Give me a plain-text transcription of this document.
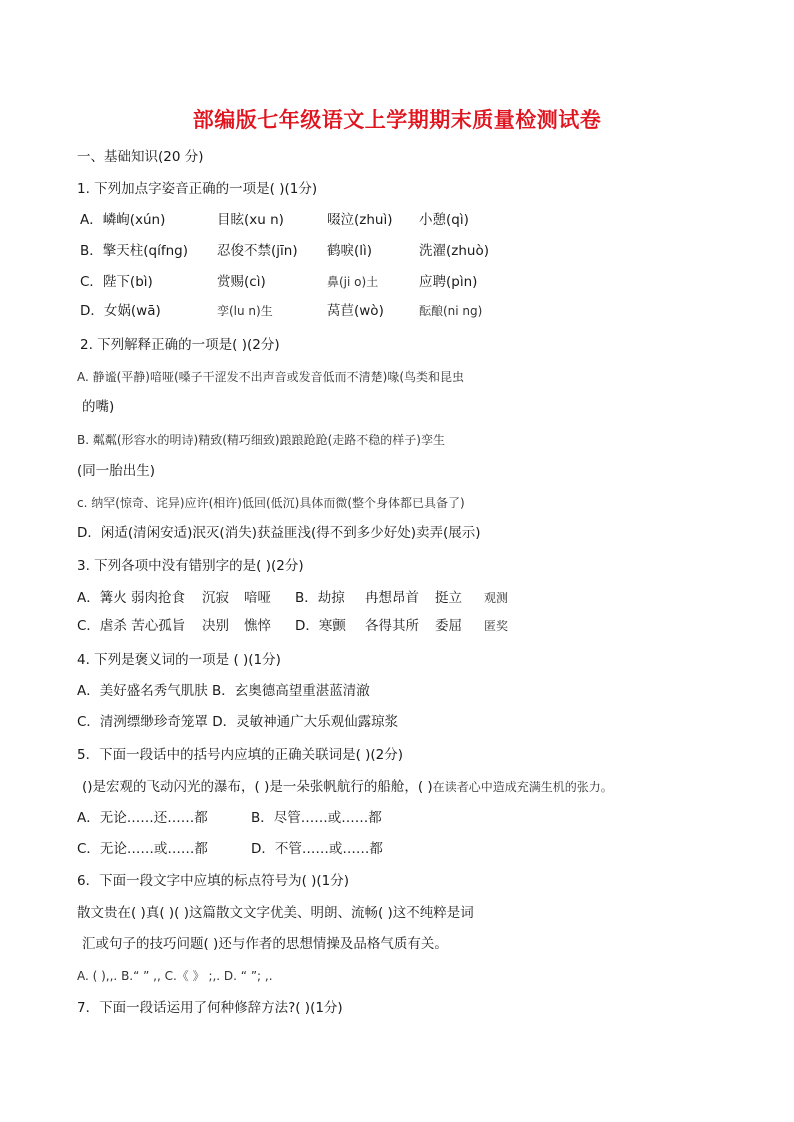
部编版七年级语文上学期期末质量检测试卷
一、基础知识(20 分)
1. 下列加点字姿音正确的一项是( )(1分)
A．嶙峋(xún)	目眩(xu n)	啜泣(zhuì)	小憩(qì)
B．擎天柱(qífng)	忍俊不禁(jīn)	鹤唳(lì)	洗濯(zhuò)
C．陛下(bì)	赏赐(cì)	鼻(ji o)土	应聘(pìn)
D．女娲(wā)	孪(lu n)生	莴苣(wò)	酝酿(ni ng)
2. 下列解释正确的一项是( )(2分)
A. 静谧(平静)喑哑(嗓子干涩发不出声音或发音低而不清楚)喙(鸟类和昆虫
的嘴)
B. 粼粼(形容水的明诗)精致(精巧细致)踉踉跄跄(走路不稳的样子)孪生
(同一胎出生)
c. 纳罕(惊奇、诧异)应许(相许)低回(低沉)具体而微(整个身体都已具备了)
D．闲适(清闲安适)泯灭(消失)获益匪浅(得不到多少好处)卖弄(展示)
3. 下列各项中没有错别字的是( )(2分)
A．篝火 弱肉抢食	沉寂	喑哑	B．劫掠	冉想昂首	挺立	观测
C．虐杀 苦心孤旨	决别	憔悴	D．寒颤	各得其所	委屈	匿奖
4. 下列是褒义词的一项是 ( )(1分)
A．美好盛名秀气肌肤 B．玄奥德高望重湛蓝清澈
C．清洌缥缈珍奇笼罩 D．灵敏神通广大乐观仙露琼浆
5．下面一段话中的括号内应填的正确关联词是( )(2分)
()是宏观的飞动闪光的瀑布，( )是一朵张帆航行的船舱，( )在读者心中造成充满生机的张力。
A．无论……还……都	B．尽管……或……都
C．无论……或……都	D．不管……或……都
6．下面一段文字中应填的标点符号为( )(1分)
散文贵在( )真( )( )这篇散文文字优美、明朗、流畅( )这不纯粹是词
汇或句子的技巧问题( )还与作者的思想情操及品格气质有关。
A. ( ),,. B.“ ” ,, C.《 》 ;,. D. “ ”; ,.
7．下面一段话运用了何种修辞方法?( )(1分)
